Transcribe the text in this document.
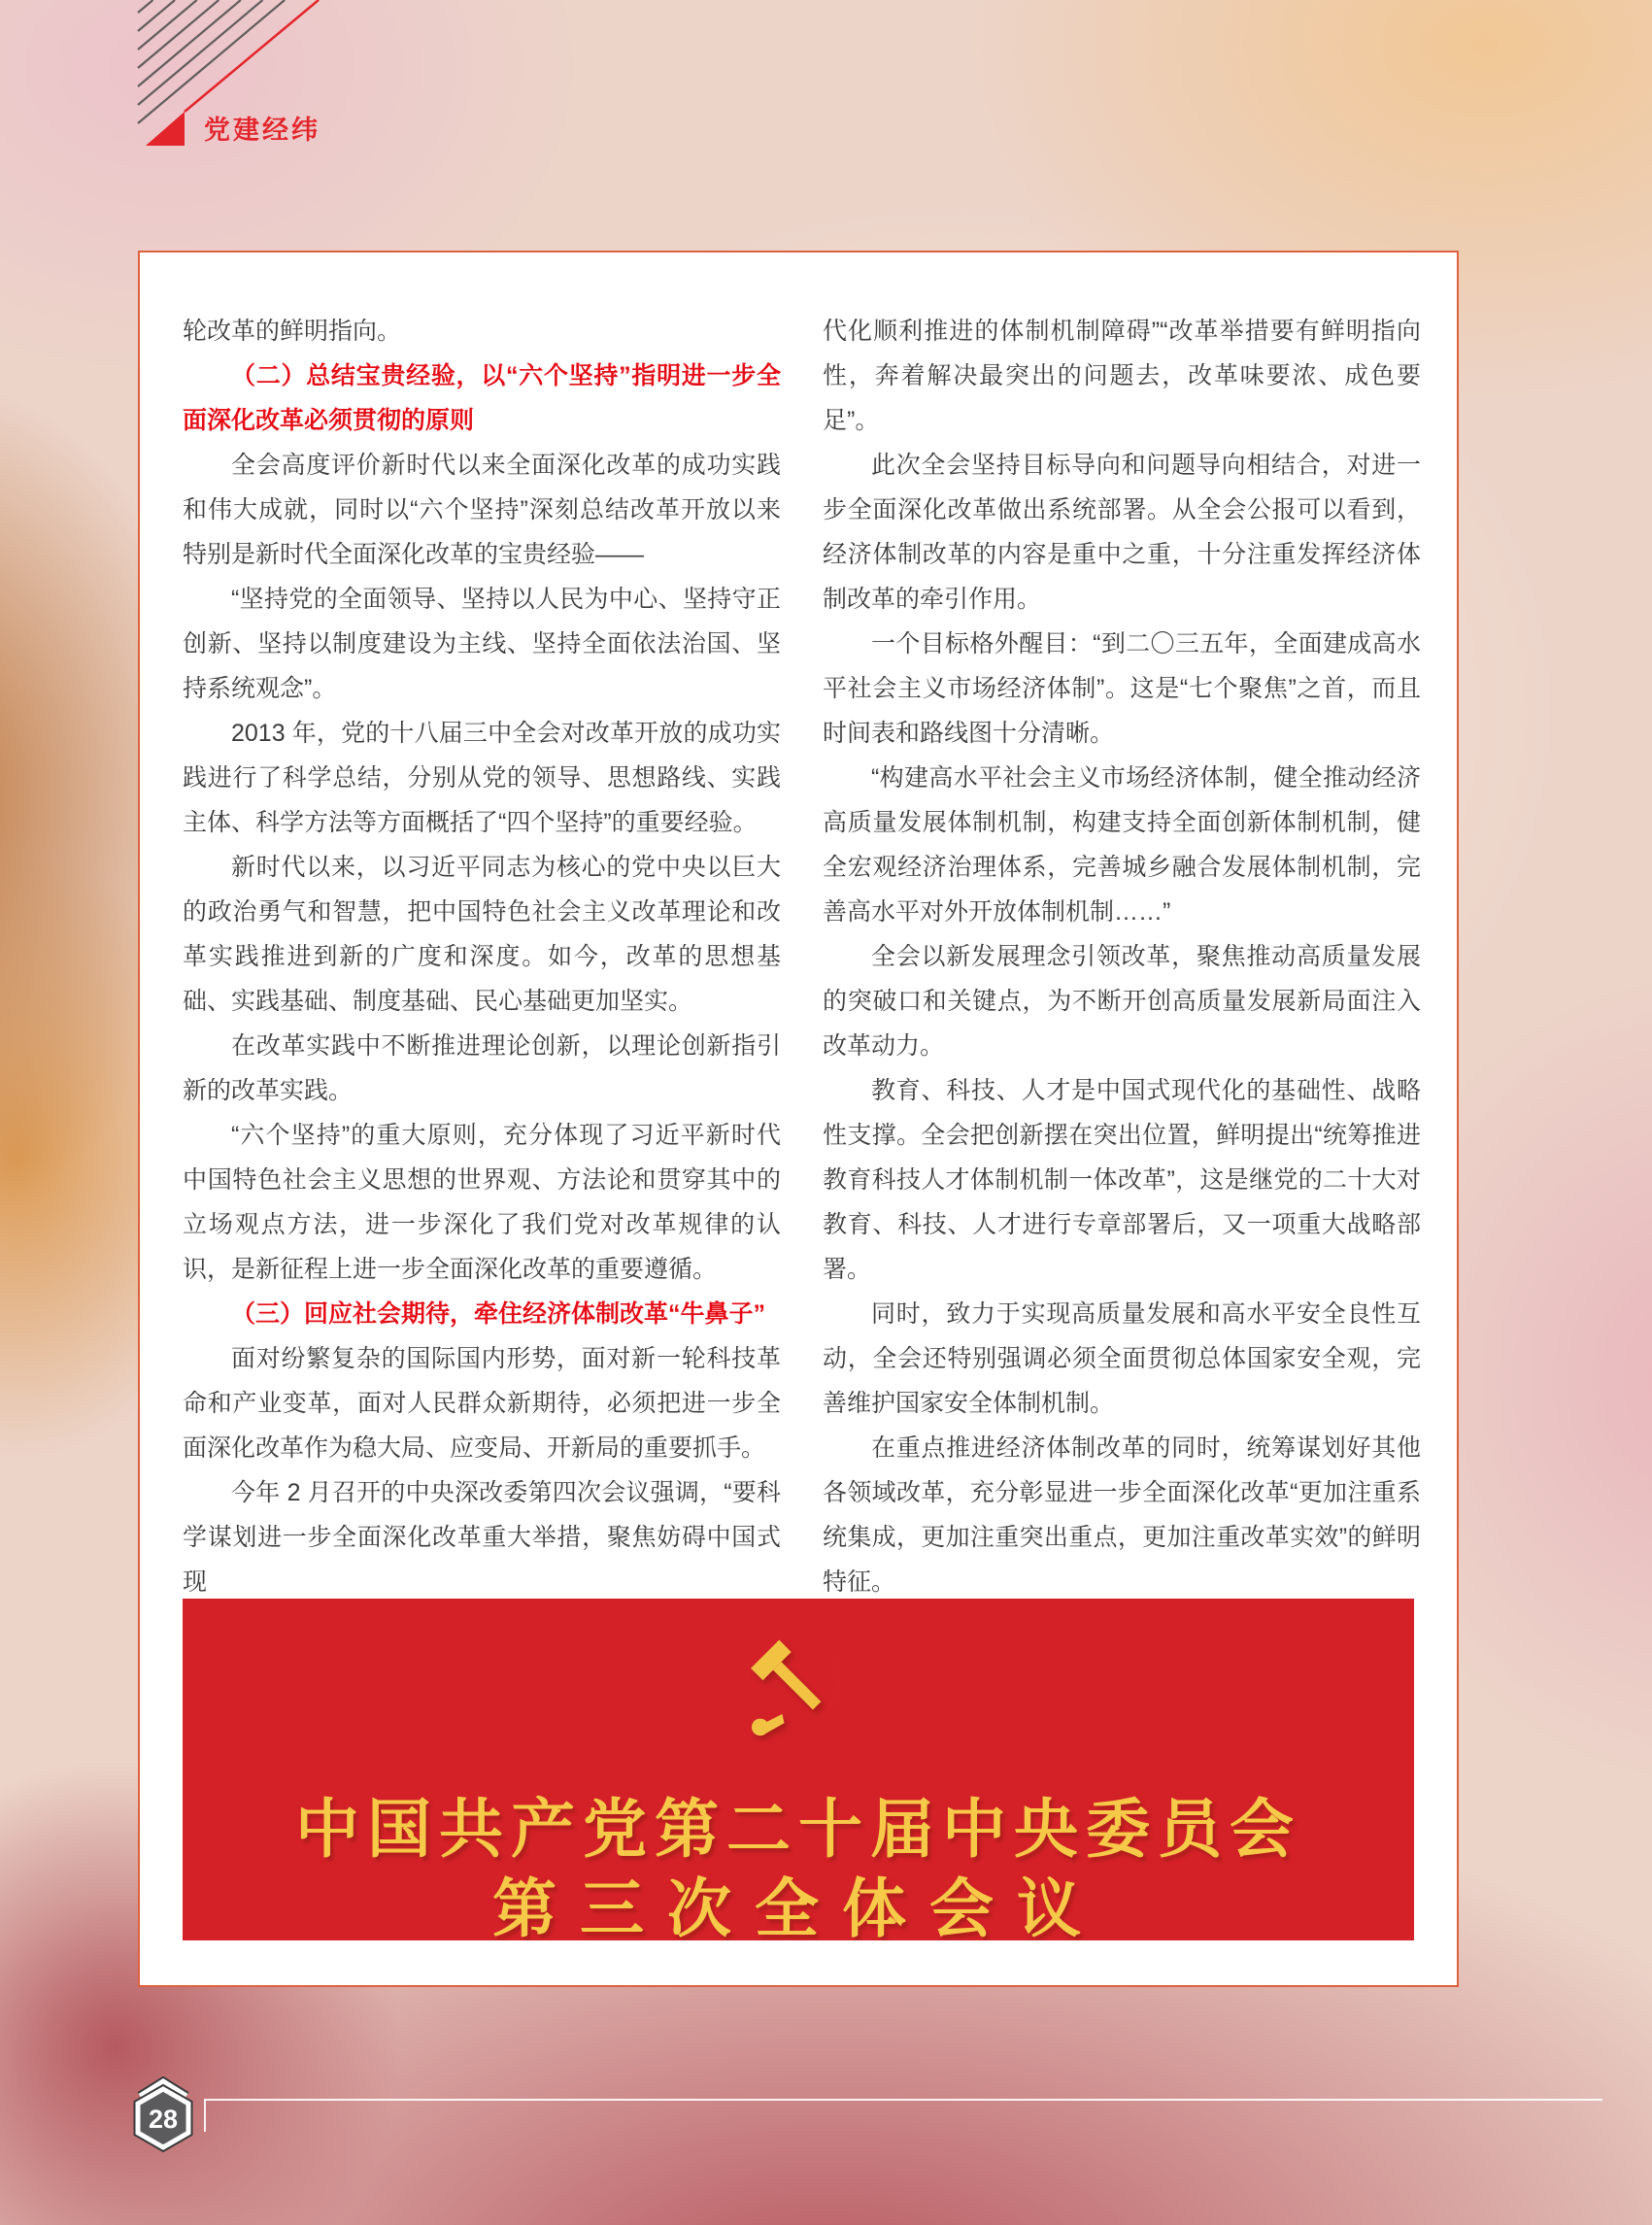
党建经纬

轮改革的鲜明指向。

（二）总结宝贵经验，以“六个坚持”指明进一步全面深化改革必须贯彻的原则

全会高度评价新时代以来全面深化改革的成功实践和伟大成就，同时以“六个坚持”深刻总结改革开放以来特别是新时代全面深化改革的宝贵经验——

“坚持党的全面领导、坚持以人民为中心、坚持守正创新、坚持以制度建设为主线、坚持全面依法治国、坚持系统观念”。

2013 年，党的十八届三中全会对改革开放的成功实践进行了科学总结，分别从党的领导、思想路线、实践主体、科学方法等方面概括了“四个坚持”的重要经验。

新时代以来，以习近平同志为核心的党中央以巨大的政治勇气和智慧，把中国特色社会主义改革理论和改革实践推进到新的广度和深度。如今，改革的思想基础、实践基础、制度基础、民心基础更加坚实。

在改革实践中不断推进理论创新，以理论创新指引新的改革实践。

“六个坚持”的重大原则，充分体现了习近平新时代中国特色社会主义思想的世界观、方法论和贯穿其中的立场观点方法，进一步深化了我们党对改革规律的认识，是新征程上进一步全面深化改革的重要遵循。

（三）回应社会期待，牵住经济体制改革“牛鼻子”

面对纷繁复杂的国际国内形势，面对新一轮科技革命和产业变革，面对人民群众新期待，必须把进一步全面深化改革作为稳大局、应变局、开新局的重要抓手。

今年 2 月召开的中央深改委第四次会议强调，“要科学谋划进一步全面深化改革重大举措，聚焦妨碍中国式现

代化顺利推进的体制机制障碍”“改革举措要有鲜明指向性，奔着解决最突出的问题去，改革味要浓、成色要足”。

此次全会坚持目标导向和问题导向相结合，对进一步全面深化改革做出系统部署。从全会公报可以看到，经济体制改革的内容是重中之重，十分注重发挥经济体制改革的牵引作用。

一个目标格外醒目：“到二〇三五年，全面建成高水平社会主义市场经济体制”。这是“七个聚焦”之首，而且时间表和路线图十分清晰。

“构建高水平社会主义市场经济体制，健全推动经济高质量发展体制机制，构建支持全面创新体制机制，健全宏观经济治理体系，完善城乡融合发展体制机制，完善高水平对外开放体制机制……”

全会以新发展理念引领改革，聚焦推动高质量发展的突破口和关键点，为不断开创高质量发展新局面注入改革动力。

教育、科技、人才是中国式现代化的基础性、战略性支撑。全会把创新摆在突出位置，鲜明提出“统筹推进教育科技人才体制机制一体改革”，这是继党的二十大对教育、科技、人才进行专章部署后，又一项重大战略部署。

同时，致力于实现高质量发展和高水平安全良性互动，全会还特别强调必须全面贯彻总体国家安全观，完善维护国家安全体制机制。

在重点推进经济体制改革的同时，统筹谋划好其他各领域改革，充分彰显进一步全面深化改革“更加注重系统集成，更加注重突出重点，更加注重改革实效”的鲜明特征。

中国共产党第二十届中央委员会
第三次全体会议
28
